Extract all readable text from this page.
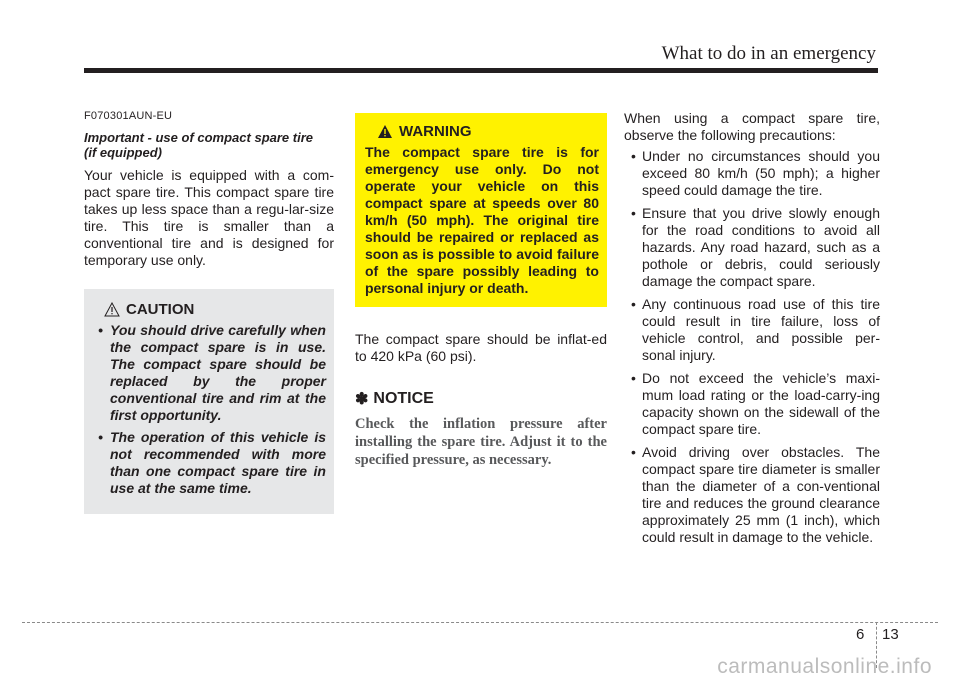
What to do in an emergency

F070301AUN-EU

Important - use of compact spare tire
(if equipped)

Your vehicle is equipped with a com-pact spare tire. This compact spare tire takes up less space than a regu-lar-size tire. This tire is smaller than a conventional tire and is designed for temporary use only.

CAUTION
• You should drive carefully when the compact spare is in use. The compact spare should be replaced by the proper conventional tire and rim at the first opportunity.
• The operation of this vehicle is not recommended with more than one compact spare tire in use at the same time.
WARNING

The compact spare tire is for emergency use only. Do not operate your vehicle on this compact spare at speeds over 80 km/h (50 mph). The original tire should be repaired or replaced as soon as is possible to avoid failure of the spare possibly leading to personal injury or death.

The compact spare should be inflat-ed to 420 kPa (60 psi).

✽ NOTICE

Check the inflation pressure after installing the spare tire. Adjust it to the specified pressure, as necessary.

When using a compact spare tire, observe the following precautions:

• Under no circumstances should you exceed 80 km/h (50 mph); a higher speed could damage the tire.
• Ensure that you drive slowly enough for the road conditions to avoid all hazards. Any road hazard, such as a pothole or debris, could seriously damage the compact spare.
• Any continuous road use of this tire could result in tire failure, loss of vehicle control, and possible per-sonal injury.
• Do not exceed the vehicle’s maxi-mum load rating or the load-carry-ing capacity shown on the sidewall of the compact spare tire.
• Avoid driving over obstacles. The compact spare tire diameter is smaller than the diameter of a con-ventional tire and reduces the ground clearance approximately 25 mm (1 inch), which could result in damage to the vehicle.
6 13
carmanualsonline.info
